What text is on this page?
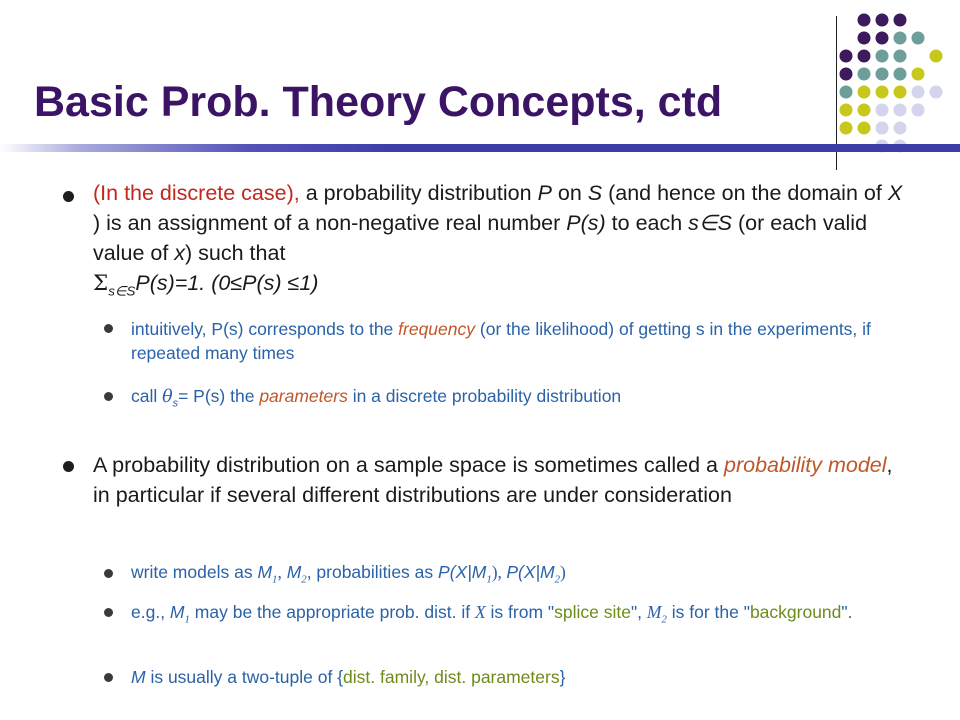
Basic Prob. Theory Concepts, ctd
(In the discrete case), a probability distribution P on S (and hence on the domain of X ) is an assignment of a non-negative real number P(s) to each s∈S (or each valid value of x) such that
$\Sigma_{s\in S}P(s)=1$. (0≤P(s) ≤1)
intuitively, P(s) corresponds to the frequency (or the likelihood) of getting s in the experiments, if repeated many times
call $\theta_s= P(s)$ the parameters in a discrete probability distribution
A probability distribution on a sample space is sometimes called a probability model, in particular if several different distributions are under consideration
write models as $M_1$, $M_2$, probabilities as $P(X|M_1)$, $P(X|M_2)$
e.g., $M_1$ may be the appropriate prob. dist. if X is from "splice site", $M_2$ is for the "background".
M is usually a two-tuple of {dist. family, dist. parameters}
